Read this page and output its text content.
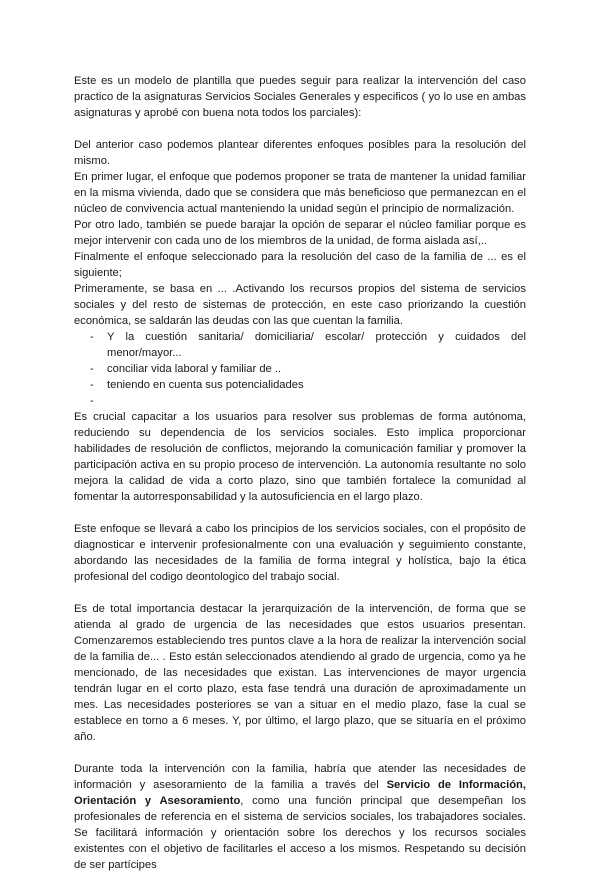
Este es un modelo de plantilla que puedes seguir para realizar la intervención del caso practico de la asignaturas Servicios Sociales Generales y especificos ( yo lo use en ambas asignaturas y aprobé con buena nota todos los parciales):

Del anterior caso podemos plantear diferentes enfoques posibles para la resolución del mismo.

En primer lugar, el enfoque que podemos proponer se trata de mantener la unidad familiar en la misma vivienda, dado que se considera que más beneficioso que permanezcan en el núcleo de convivencia actual manteniendo la unidad según el principio de normalización.

Por otro lado, también se puede barajar la opción de separar el núcleo familiar porque es mejor intervenir con cada uno de los miembros de la unidad, de forma aislada así,..

Finalmente el enfoque seleccionado para la resolución del caso de la familia de ... es el siguiente;

Primeramente, se basa en ... .Activando los recursos propios del sistema de servicios sociales y del resto de sistemas de protección, en este caso priorizando la cuestión económica, se saldarán las deudas con las que cuentan la familia.

- Y la cuestión sanitaria/ domiciliaria/ escolar/ protección y cuidados del menor/mayor...
- conciliar vida laboral y familiar de ..
- teniendo en cuenta sus potencialidades
-

Es crucial capacitar a los usuarios para resolver sus problemas de forma autónoma, reduciendo su dependencia de los servicios sociales. Esto implica proporcionar habilidades de resolución de conflictos, mejorando la comunicación familiar y promover la participación activa en su propio proceso de intervención. La autonomía resultante no solo mejora la calidad de vida a corto plazo, sino que también fortalece la comunidad al fomentar la autorresponsabilidad y la autosuficiencia en el largo plazo.

Este enfoque se llevará a cabo los principios de los servicios sociales, con el propósito de diagnosticar e intervenir profesionalmente con una evaluación y seguimiento constante, abordando las necesidades de la familia de forma integral y holística, bajo la ética profesional del codigo deontologico del trabajo social.

Es de total importancia destacar la jerarquización de la intervención, de forma que se atienda al grado de urgencia de las necesidades que estos usuarios presentan. Comenzaremos estableciendo tres puntos clave a la hora de realizar la intervención social de la familia de... . Esto están seleccionados atendiendo al grado de urgencia, como ya he mencionado, de las necesidades que existan. Las intervenciones de mayor urgencia tendrán lugar en el corto plazo, esta fase tendrá una duración de aproximadamente un mes. Las necesidades posteriores se van a situar en el medio plazo, fase la cual se establece en torno a 6 meses. Y, por último, el largo plazo, que se situaría en el próximo año.

Durante toda la intervención con la familia, habría que atender las necesidades de información y asesoramiento de la familia a través del Servicio de Información, Orientación y Asesoramiento, como una función principal que desempeñan los profesionales de referencia en el sistema de servicios sociales, los trabajadores sociales. Se facilitará información y orientación sobre los derechos y los recursos sociales existentes con el objetivo de facilitarles el acceso a los mismos. Respetando su decisión de ser partícipes
